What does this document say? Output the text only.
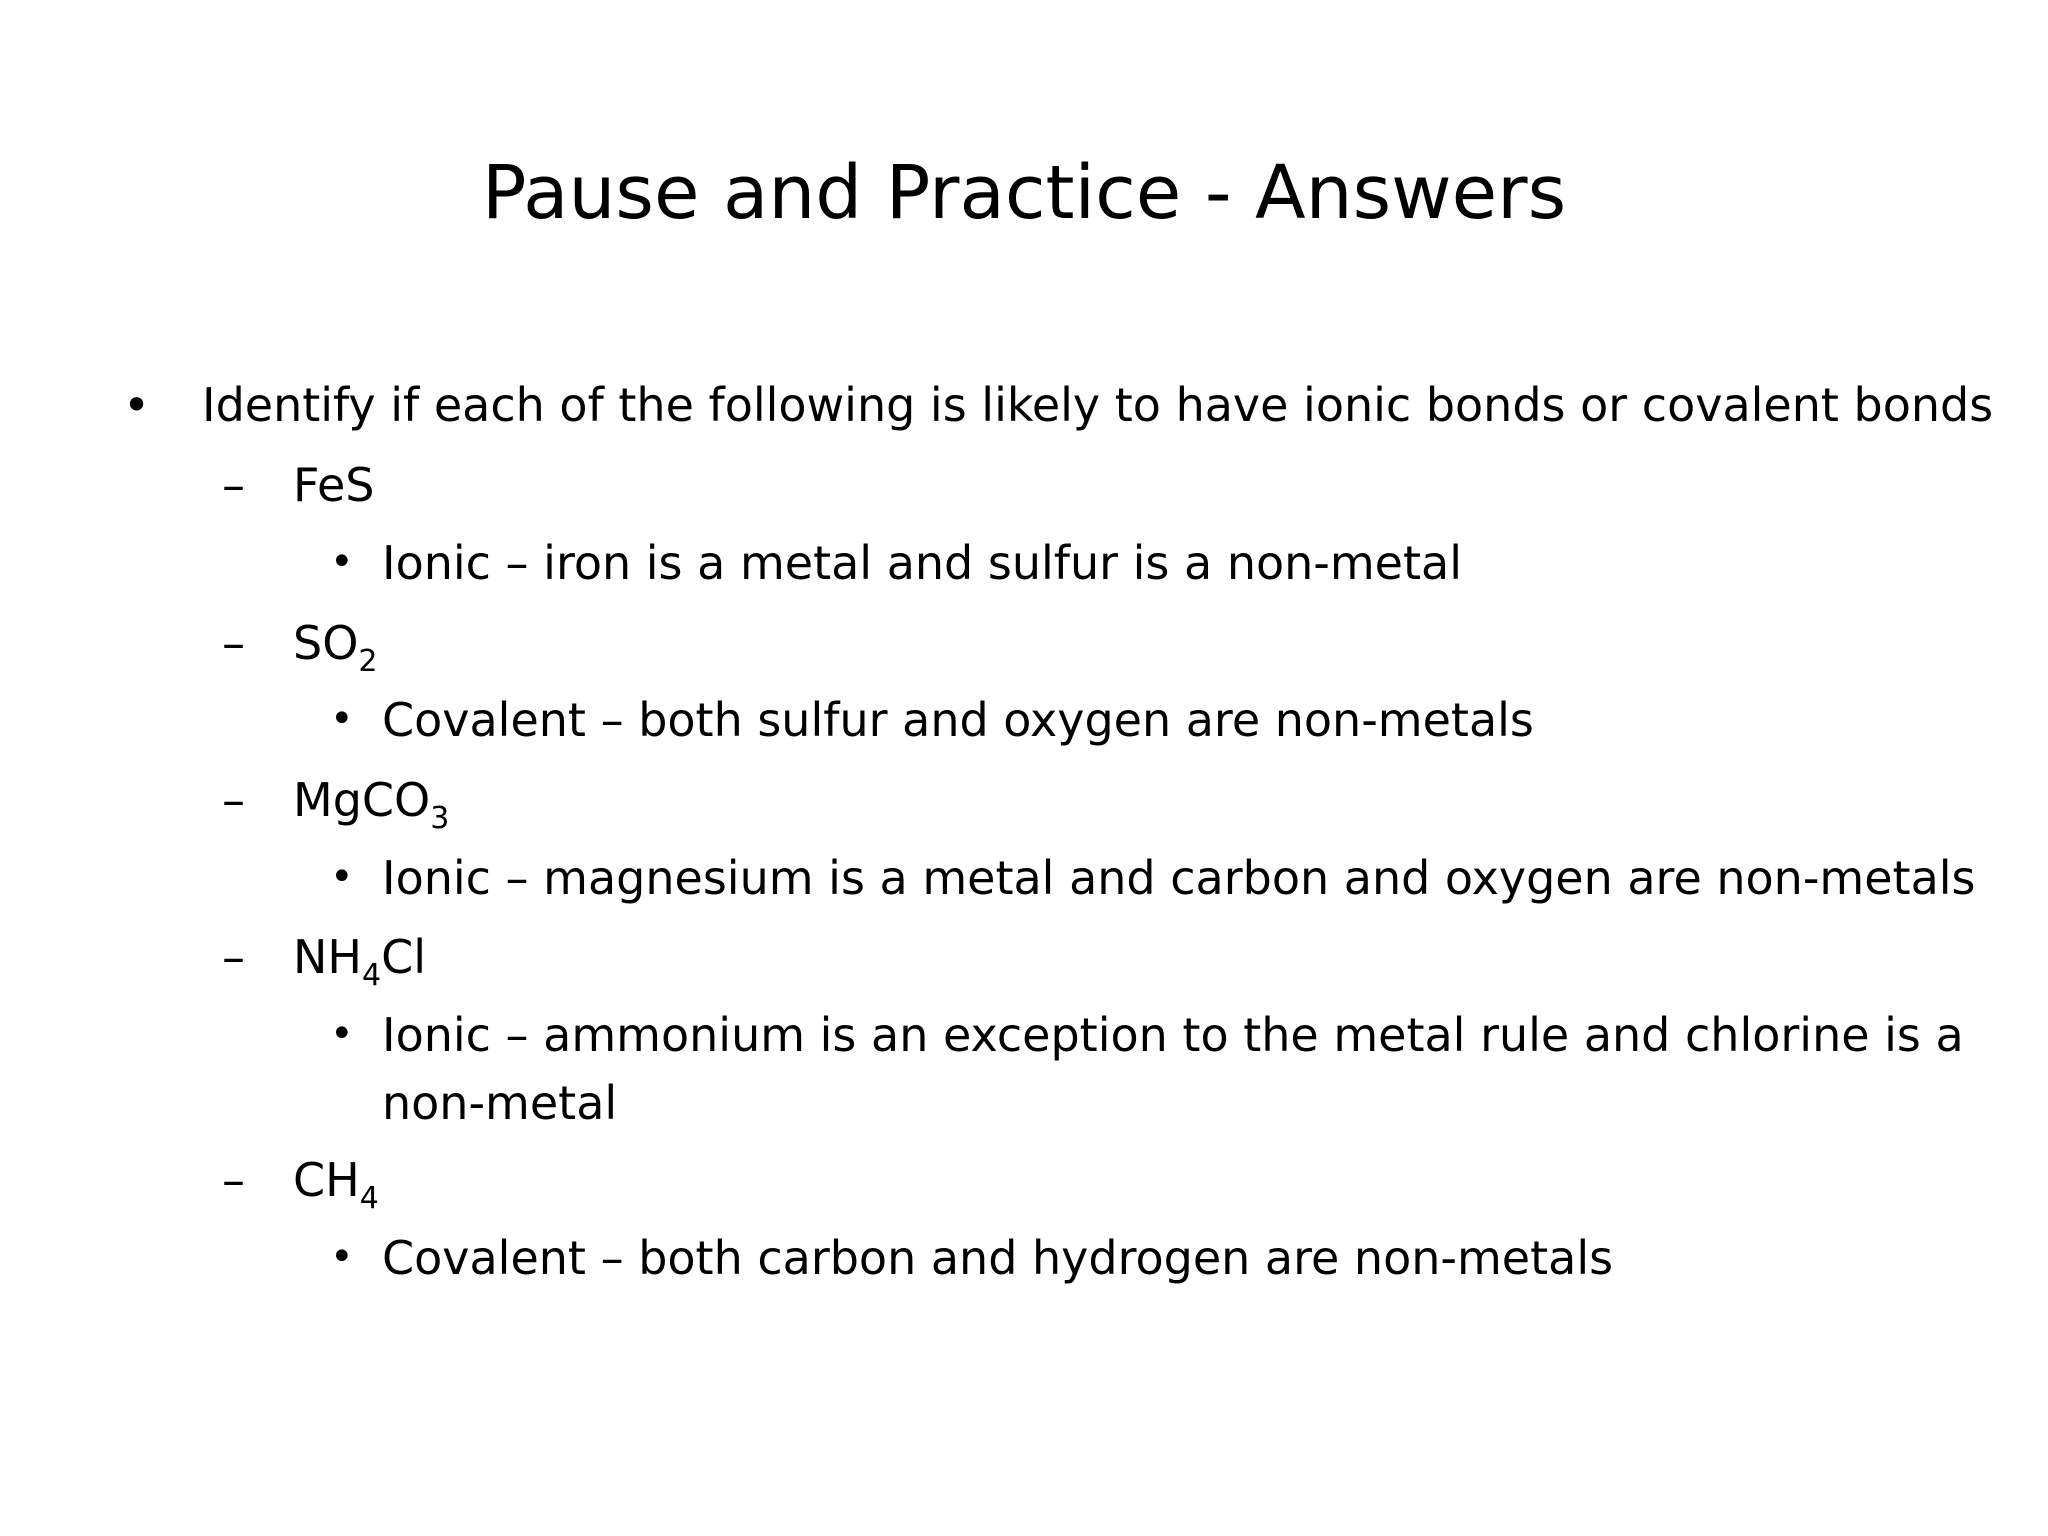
Pause and Practice - Answers
• Identify if each of the following is likely to have ionic bonds or covalent bonds
– FeS
• Ionic – iron is a metal and sulfur is a non-metal
– $SO_2$
• Covalent – both sulfur and oxygen are non-metals
– MgCO$_3$
• Ionic – magnesium is a metal and carbon and oxygen are non-metals
– $NH_4Cl$
• Ionic – ammonium is an exception to the metal rule and chlorine is a
non-metal
– $CH_4$
• Covalent – both carbon and hydrogen are non-metals
